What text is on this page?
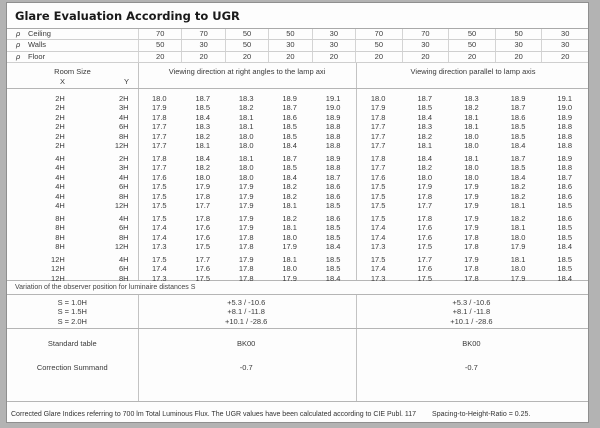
Glare Evaluation According to UGR
ρ Ceiling	70	70	50	50	30	70	70	50	50	30
ρ Walls	50	30	50	30	30	50	30	50	30	30
ρ Floor	20	20	20	20	20	20	20	20	20	20
Room Size
X	Y
Viewing direction at right angles to the lamp axi	Viewing direction parallel to lamp axis
2H	2H	18.0	18.7	18.3	18.9	19.1	18.0	18.7	18.3	18.9	19.1
2H	3H	17.9	18.5	18.2	18.7	19.0	17.9	18.5	18.2	18.7	19.0
2H	4H	17.8	18.4	18.1	18.6	18.9	17.8	18.4	18.1	18.6	18.9
2H	6H	17.7	18.3	18.1	18.5	18.8	17.7	18.3	18.1	18.5	18.8
2H	8H	17.7	18.2	18.0	18.5	18.8	17.7	18.2	18.0	18.5	18.8
2H	12H	17.7	18.1	18.0	18.4	18.8	17.7	18.1	18.0	18.4	18.8
4H	2H	17.8	18.4	18.1	18.7	18.9	17.8	18.4	18.1	18.7	18.9
4H	3H	17.7	18.2	18.0	18.5	18.8	17.7	18.2	18.0	18.5	18.8
4H	4H	17.6	18.0	18.0	18.4	18.7	17.6	18.0	18.0	18.4	18.7
4H	6H	17.5	17.9	17.9	18.2	18.6	17.5	17.9	17.9	18.2	18.6
4H	8H	17.5	17.8	17.9	18.2	18.6	17.5	17.8	17.9	18.2	18.6
4H	12H	17.5	17.7	17.9	18.1	18.5	17.5	17.7	17.9	18.1	18.5
8H	4H	17.5	17.8	17.9	18.2	18.6	17.5	17.8	17.9	18.2	18.6
8H	6H	17.4	17.6	17.9	18.1	18.5	17.4	17.6	17.9	18.1	18.5
8H	8H	17.4	17.6	17.8	18.0	18.5	17.4	17.6	17.8	18.0	18.5
8H	12H	17.3	17.5	17.8	17.9	18.4	17.3	17.5	17.8	17.9	18.4
12H	4H	17.5	17.7	17.9	18.1	18.5	17.5	17.7	17.9	18.1	18.5
12H	6H	17.4	17.6	17.8	18.0	18.5	17.4	17.6	17.8	18.0	18.5
12H	8H	17.3	17.5	17.8	17.9	18.4	17.3	17.5	17.8	17.9	18.4
Variation of the observer position for luminaire distances S
S = 1.0H	+5.3 / -10.6	+5.3 / -10.6
S = 1.5H	+8.1 / -11.8	+8.1 / -11.8
S = 2.0H	+10.1 / -28.6	+10.1 / -28.6
Standard table	BK00	BK00
Correction Summand	-0.7	-0.7
Corrected Glare Indices referring to 700 lm Total Luminous Flux. The UGR values have been calculated according to CIE Publ. 117 Spacing-to-Height-Ratio = 0.25.
